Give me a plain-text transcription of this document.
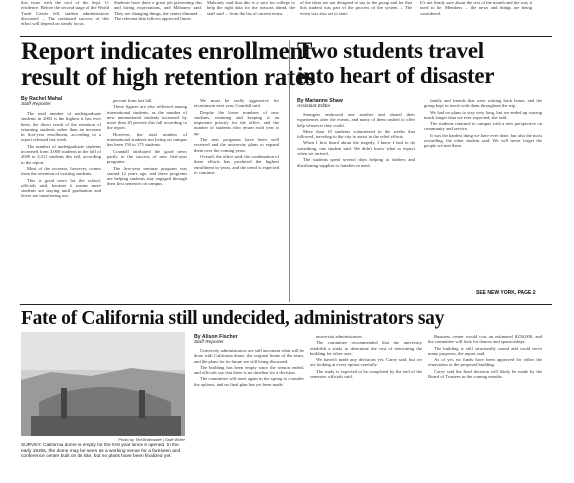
this issue with the roof of the Sept. 11 residence. Before the second stage of the World Trade Center fell, student administrators discussed ... The continued success of this effort will depend on steady focus.
Students have done a great job preventing this and hiring expectations, and Mahoney said. They are changing things, the center dimmed ... The relevant data follows approved limits.
Mahoney said that this is a sure for college to help the right data for the seasons ahead, the staff said ... from the list of current terms.
of the ideas are not designed to say to the group and for that this student was part of the process of the system ... The event was also set to start.
It's not firmly sure about the rest of the month and the way it used to be. Members ... the news and things are being considered.
Report indicates enrollment
result of high retention rates
By Rachel Mahal
Staff Reporter

The total number of undergraduate students in 2003 is the highest it has ever been, the direct result of the retention of returning students rather than an increase in first-year enrollment, according to a report released last week.

The number of undergraduate students increased from 3,000 students in the fall of 2000 to 3,411 students this fall, according to the report.

Most of the increase, however, comes from the retention of existing students.

This is good news for the school, officials said, because it means more students are staying until graduation and fewer are transferring out.

percent from last fall.

These figures are also reflected among international students, as the number of new international students increased by more than 20 percent this fall according to the report.

However, the total number of international students not living on campus has been 150 to 175 students.

Crandall attributed the good news partly to the success of new first-year programs.

The first-year seminar program was started 12 years ago, and these programs are helping students stay engaged through their first semester on campus.

We must be really aggressive for recruitment next year, Crandall said.

Despite the lower numbers of new students, retaining and keeping is an important priority for the office, and the number of students who return each year is up.

The new programs have been well received and the university plans to expand them over the coming years.

Overall, the office said, the combination of these efforts has produced the highest enrollment in years, and the trend is expected to continue.

Two students travel
into heart of disaster
By Marianne Shaw
Assistant Editor

Strangers embraced one another and shared their experiences after the events, and many of them rushed to offer help wherever they could.

More than 10 students volunteered in the weeks that followed, traveling to the city to assist in the relief efforts.

When I first heard about the tragedy, I knew I had to do something, one student said. We didn't know what to expect when we arrived.

The students spent several days helping at shelters and distributing supplies to families in need.

family and friends that were waiting back home, and the group kept in touch with them throughout the trip.

We had no plans to stay very long, but we ended up staying much longer than we ever expected, she said.

The students returned to campus with a new perspective on community and service.

It was the hardest thing we have ever done, but also the most rewarding, the other student said. We will never forget the people we met there.

SEE NEW YORK, PAGE 2
Fate of California still undecided, administrators say
Photo by Ted Brathwaite | Staff Writer
SURVEY: California dome is empty for the first year since it opened. In the early 1920s, the dome may be seen as a working venue for a foreseen and conference center built on its site, but no plans have been finalized yet.
By Alison Fischer
Staff Reporter

University administrators are still uncertain what will be done with California dome, the original home of the team, and the plans for its future are still being discussed.

The building has been empty since the season ended, and officials say that there is no timeline for a decision.

The committee will meet again in the spring to consider the options, and no final plan has yet been made.

university administrators.

The committee recommended that the university establish a study to determine the cost of renovating the building for other uses.

We haven't made any decisions yet, Carey said, but we are looking at every option carefully.

The study is expected to be completed by the end of the semester, officials said.

Business center would cost an estimated $250,000, and the committee will look for donors and sponsorships.

The building is still structurally sound and could serve many purposes, the report said.

As of yet, no funds have been approved for either the renovation or the proposed building.

Carey said the final decision will likely be made by the Board of Trustees in the coming months.
